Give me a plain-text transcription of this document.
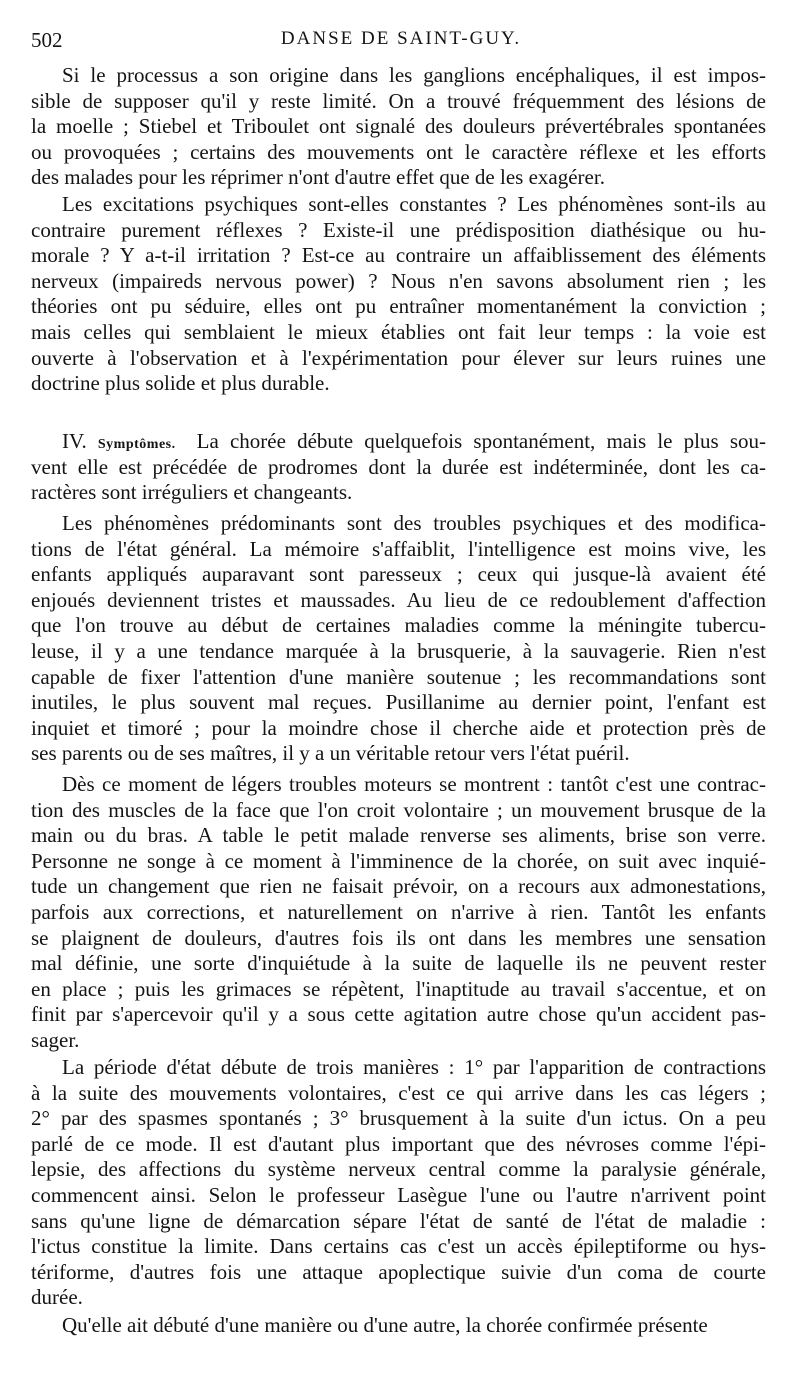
502	DANSE DE SAINT-GUY.
Si le processus a son origine dans les ganglions encéphaliques, il est impos-
sible de supposer qu'il y reste limité. On a trouvé fréquemment des lésions de
la moelle ; Stiebel et Triboulet ont signalé des douleurs prévertébrales spontanées
ou provoquées ; certains des mouvements ont le caractère réflexe et les efforts
des malades pour les réprimer n'ont d'autre effet que de les exagérer.
Les excitations psychiques sont-elles constantes ? Les phénomènes sont-ils au
contraire purement réflexes ? Existe-il une prédisposition diathésique ou hu-
morale ? Y a-t-il irritation ? Est-ce au contraire un affaiblissement des éléments
nerveux (impaireds nervous power) ? Nous n'en savons absolument rien ; les
théories ont pu séduire, elles ont pu entraîner momentanément la conviction ;
mais celles qui semblaient le mieux établies ont fait leur temps : la voie est
ouverte à l'observation et à l'expérimentation pour élever sur leurs ruines une
doctrine plus solide et plus durable.
IV. Symptômes.  La chorée débute quelquefois spontanément, mais le plus sou-
vent elle est précédée de prodromes dont la durée est indéterminée, dont les ca-
ractères sont irréguliers et changeants.
Les phénomènes prédominants sont des troubles psychiques et des modifica-
tions de l'état général. La mémoire s'affaiblit, l'intelligence est moins vive, les
enfants appliqués auparavant sont paresseux ; ceux qui jusque-là avaient été
enjoués deviennent tristes et maussades. Au lieu de ce redoublement d'affection
que l'on trouve au début de certaines maladies comme la méningite tubercu-
leuse, il y a une tendance marquée à la brusquerie, à la sauvagerie. Rien n'est
capable de fixer l'attention d'une manière soutenue ; les recommandations sont
inutiles, le plus souvent mal reçues. Pusillanime au dernier point, l'enfant est
inquiet et timoré ; pour la moindre chose il cherche aide et protection près de
ses parents ou de ses maîtres, il y a un véritable retour vers l'état puéril.
Dès ce moment de légers troubles moteurs se montrent : tantôt c'est une contrac-
tion des muscles de la face que l'on croit volontaire ; un mouvement brusque de la
main ou du bras. A table le petit malade renverse ses aliments, brise son verre.
Personne ne songe à ce moment à l'imminence de la chorée, on suit avec inquié-
tude un changement que rien ne faisait prévoir, on a recours aux admonestations,
parfois aux corrections, et naturellement on n'arrive à rien. Tantôt les enfants
se plaignent de douleurs, d'autres fois ils ont dans les membres une sensation
mal définie, une sorte d'inquiétude à la suite de laquelle ils ne peuvent rester
en place ; puis les grimaces se répètent, l'inaptitude au travail s'accentue, et on
finit par s'apercevoir qu'il y a sous cette agitation autre chose qu'un accident pas-
sager.
La période d'état débute de trois manières : 1° par l'apparition de contractions
à la suite des mouvements volontaires, c'est ce qui arrive dans les cas légers ;
2° par des spasmes spontanés ; 3° brusquement à la suite d'un ictus. On a peu
parlé de ce mode. Il est d'autant plus important que des névroses comme l'épi-
lepsie, des affections du système nerveux central comme la paralysie générale,
commencent ainsi. Selon le professeur Lasègue l'une ou l'autre n'arrivent point
sans qu'une ligne de démarcation sépare l'état de santé de l'état de maladie :
l'ictus constitue la limite. Dans certains cas c'est un accès épileptiforme ou hys-
tériforme, d'autres fois une attaque apoplectique suivie d'un coma de courte
durée.
Qu'elle ait débuté d'une manière ou d'une autre, la chorée confirmée présente
